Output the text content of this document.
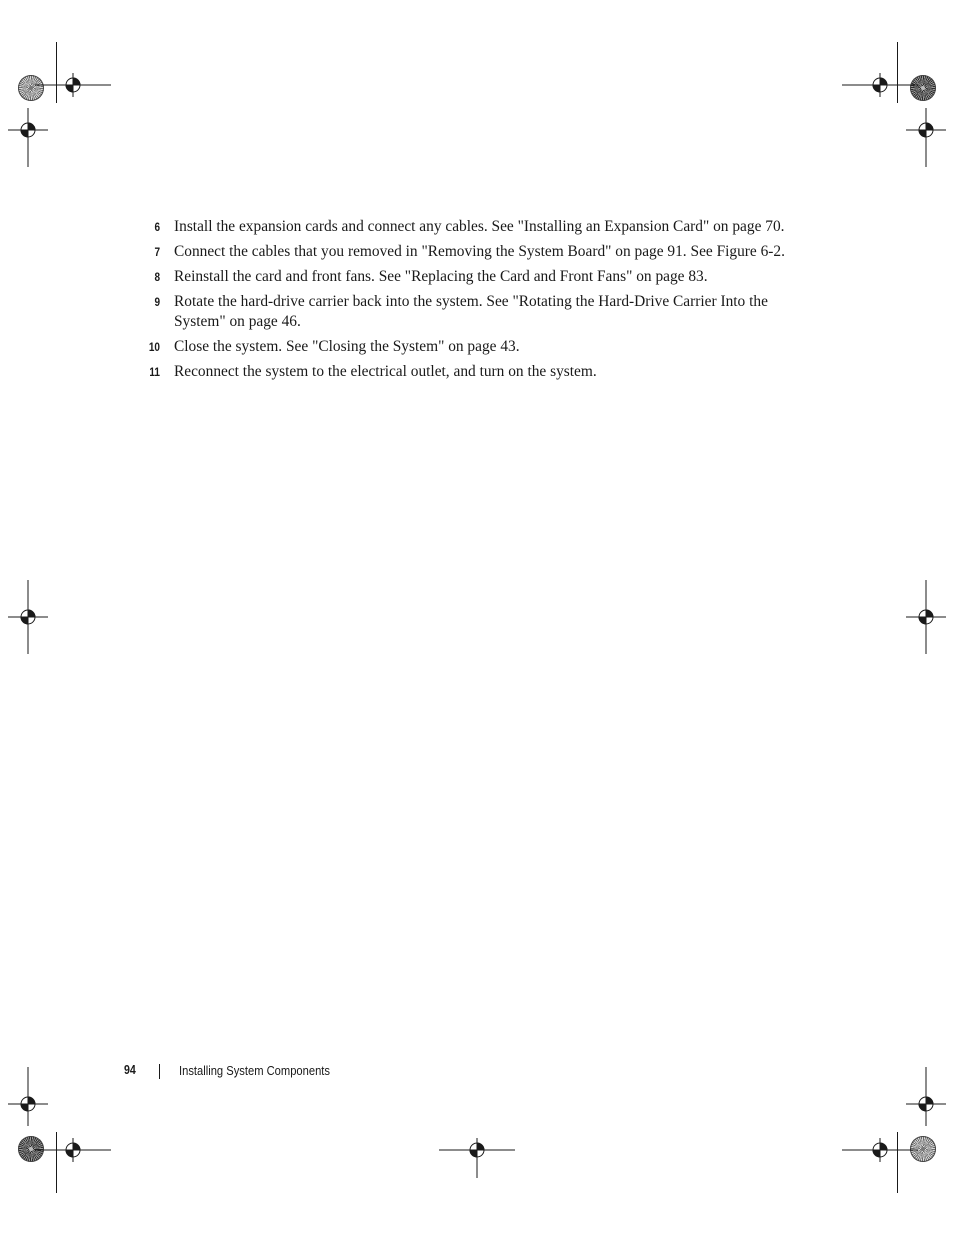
6 Install the expansion cards and connect any cables. See "Installing an Expansion Card" on page 70.
7 Connect the cables that you removed in "Removing the System Board" on page 91. See Figure 6-2.
8 Reinstall the card and front fans. See "Replacing the Card and Front Fans" on page 83.
9 Rotate the hard-drive carrier back into the system. See "Rotating the Hard-Drive Carrier Into the System" on page 46.
10 Close the system. See "Closing the System" on page 43.
11 Reconnect the system to the electrical outlet, and turn on the system.
94	Installing System Components
